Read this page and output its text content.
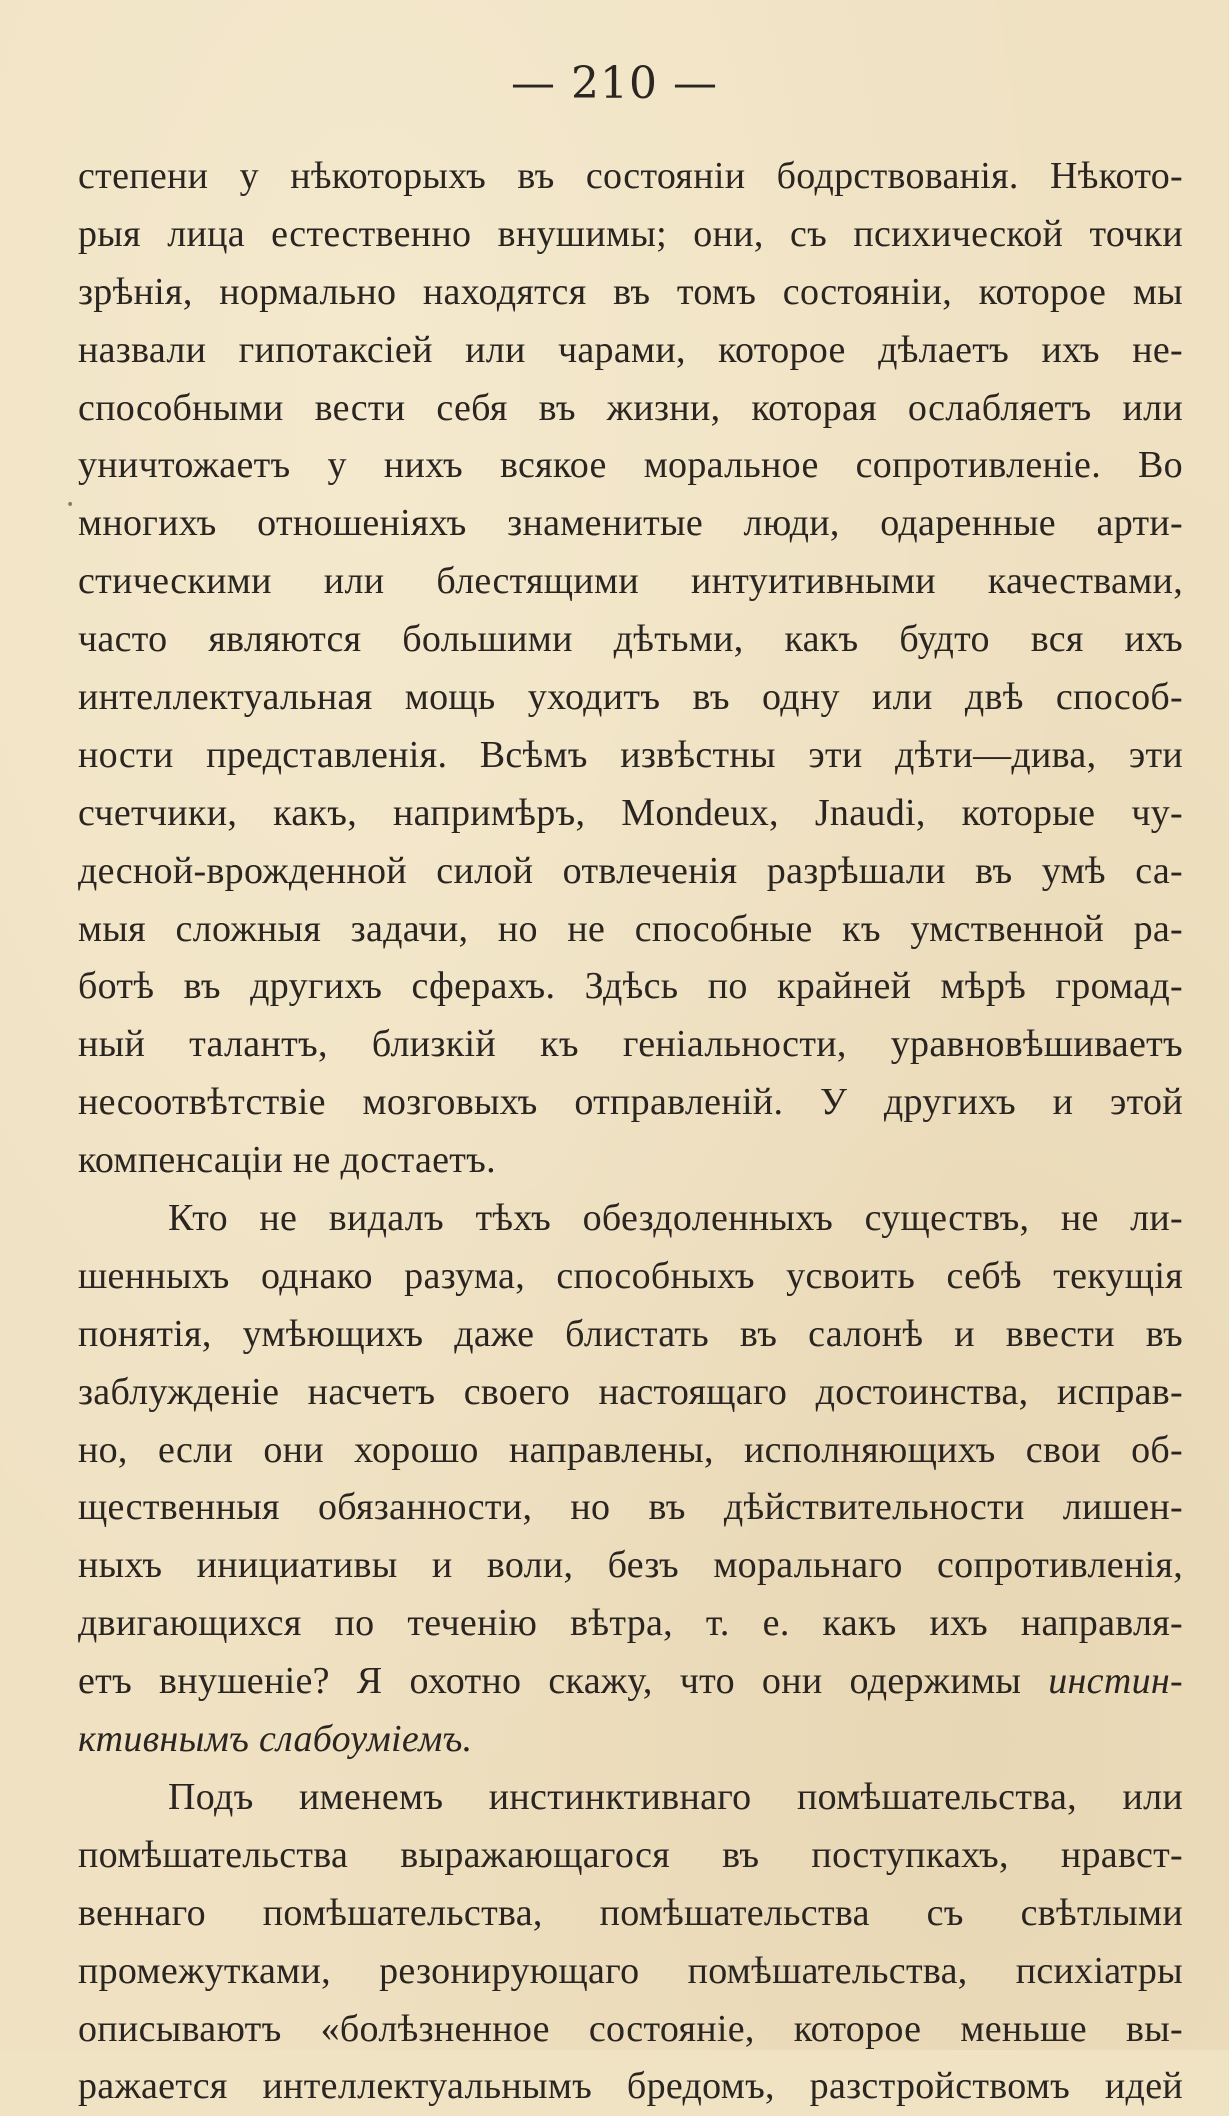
— 210 —
•
степени у нѣкоторыхъ въ состояніи бодрствованія. Нѣкото-
рыя лица естественно внушимы; они, съ психической точки
зрѣнія, нормально находятся въ томъ состояніи, которое мы
назвали гипотаксіей или чарами, которое дѣлаетъ ихъ не-
способными вести себя въ жизни, которая ослабляетъ или
уничтожаетъ у нихъ всякое моральное сопротивленіе. Во
многихъ отношеніяхъ знаменитые люди, одаренные арти-
стическими или блестящими интуитивными качествами,
часто являются большими дѣтьми, какъ будто вся ихъ
интеллектуальная мощь уходитъ въ одну или двѣ способ-
ности представленія. Всѣмъ извѣстны эти дѣти—дива, эти
счетчики, какъ, напримѣръ, Mondeux, Jnaudi, которые чу-
десной-врожденной силой отвлеченія разрѣшали въ умѣ са-
мыя сложныя задачи, но не способные къ умственной ра-
ботѣ въ другихъ сферахъ. Здѣсь по крайней мѣрѣ громад-
ный талантъ, близкій къ геніальности, уравновѣшиваетъ
несоотвѣтствіе мозговыхъ отправленій. У другихъ и этой
компенсаціи не достаетъ.
Кто не видалъ тѣхъ обездоленныхъ существъ, не ли-
шенныхъ однако разума, способныхъ усвоить себѣ текущія
понятія, умѣющихъ даже блистать въ салонѣ и ввести въ
заблужденіе насчетъ своего настоящаго достоинства, исправ-
но, если они хорошо направлены, исполняющихъ свои об-
щественныя обязанности, но въ дѣйствительности лишен-
ныхъ инициативы и воли, безъ моральнаго сопротивленія,
двигающихся по теченію вѣтра, т. е. какъ ихъ направля-
етъ внушеніе? Я охотно скажу, что они одержимы инстин-
ктивнымъ слабоуміемъ.
Подъ именемъ инстинктивнаго помѣшательства, или
помѣшательства выражающагося въ поступкахъ, нравст-
веннаго помѣшательства, помѣшательства съ свѣтлыми
промежутками, резонирующаго помѣшательства, психіатры
описываютъ «болѣзненное состояніе, которое меньше вы-
ражается интеллектуальнымъ бредомъ, разстройствомъ идей
